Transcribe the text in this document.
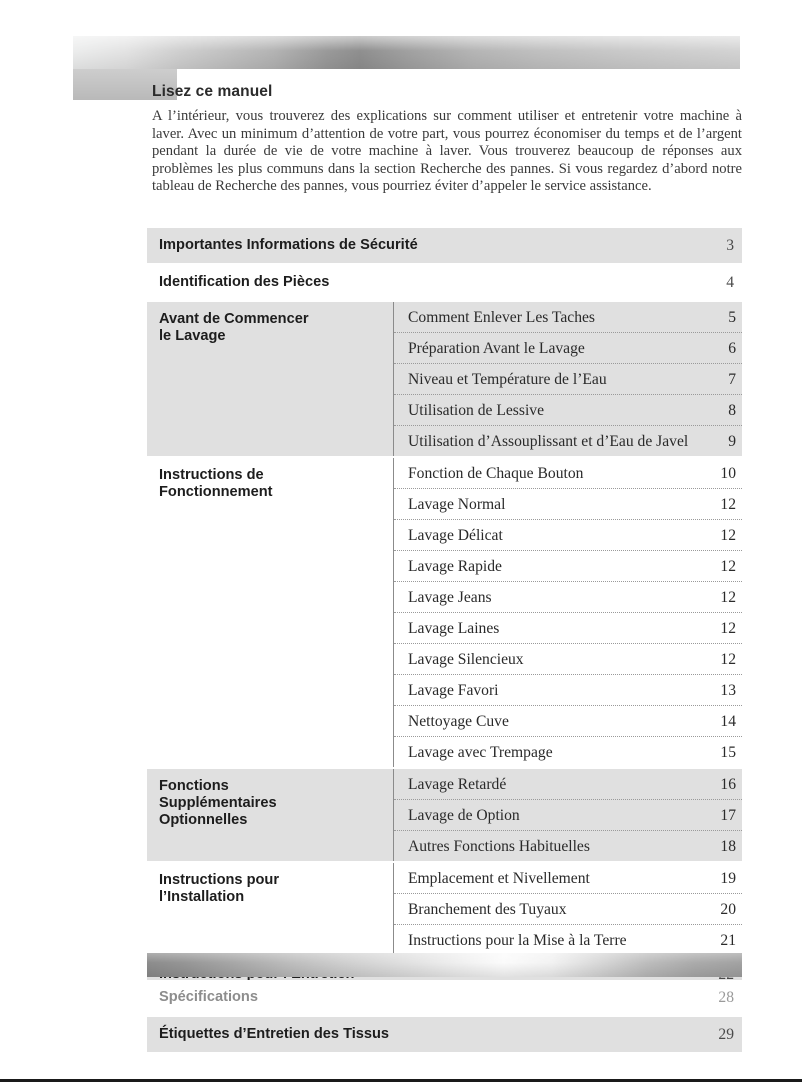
Lisez ce manuel

A l’intérieur, vous trouverez des explications sur comment utiliser et entretenir votre machine à laver. Avec un minimum d’attention de votre part, vous pourrez économiser du temps et de l’argent pendant la durée de vie de votre machine à laver. Vous trouverez beaucoup de réponses aux problèmes les plus communs dans la section Recherche des pannes. Si vous regardez d’abord notre tableau de Recherche des pannes, vous pourriez éviter d’appeler le service assistance.

Importantes Informations de Sécurité	3
Identification des Pièces	4
Avant de Commencer
le Lavage
Comment Enlever Les Taches	5
Préparation Avant le Lavage	6
Niveau et Température de l’Eau	7
Utilisation de Lessive	8
Utilisation d’Assouplissant et d’Eau de Javel	9
Instructions de
Fonctionnement
Fonction de Chaque Bouton	10
Lavage Normal	12
Lavage Délicat	12
Lavage Rapide	12
Lavage Jeans	12
Lavage Laines	12
Lavage Silencieux	12
Lavage Favori	13
Nettoyage Cuve	14
Lavage avec Trempage	15
Fonctions
Supplémentaires
Optionnelles
Lavage Retardé	16
Lavage de Option	17
Autres Fonctions Habituelles	18
Instructions pour
l’Installation
Emplacement et Nivellement	19
Branchement des Tuyaux	20
Instructions pour la Mise à la Terre	21
Spécifications	28
Étiquettes d’Entretien des Tissus	29
